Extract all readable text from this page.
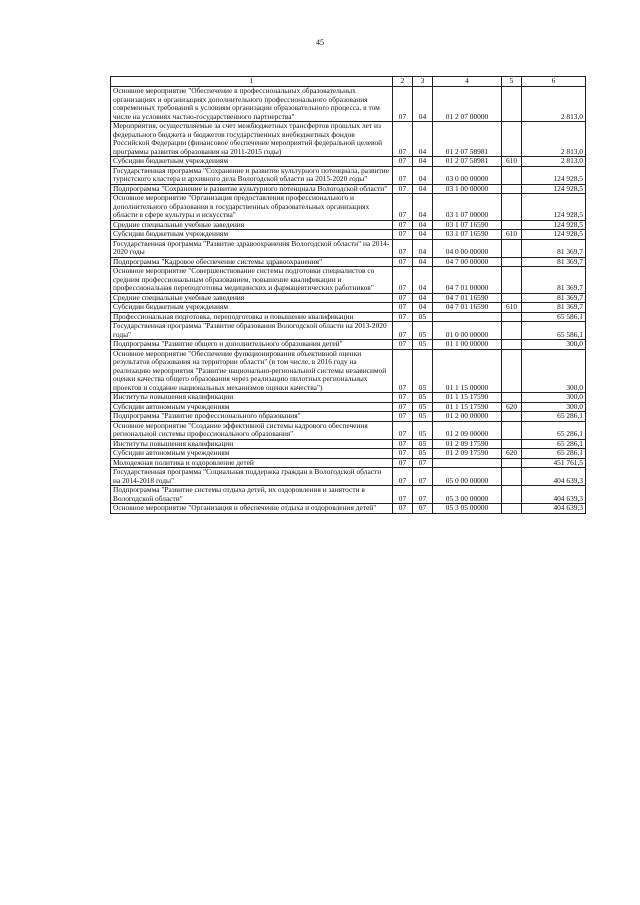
45
1	2	3	4	5	6
Основное мероприятие "Обеспечение в профессиональных образовательных организациях и организациях дополнительного профессионального образования современных требований к условиям организации образовательного процесса, в том числе на условиях частно-государственного партнерства"	07	04	01 2 07 00000		2 813,0
Мероприятия, осуществляемые за счет межбюджетных трансфертов прошлых лет из федерального бюджета и бюджетов государственных внебюджетных фондов Российской Федерации (финансовое обеспечение мероприятий федеральной целевой программы развития образования на 2011-2015 годы)	07	04	01 2 07 58981		2 813,0
Субсидии бюджетным учреждениям	07	04	01 2 07 58981	610	2 813,0
Государственная программа "Сохранение и развитие культурного потенциала, развитие туристского кластера и архивного дела Вологодской области на 2015-2020 годы"	07	04	03 0 00 00000		124 928,5
Подпрограмма "Сохранение и развитие культурного потенциала Вологодской области"	07	04	03 1 00 00000		124 928,5
Основное мероприятие "Организация предоставления профессионального и дополнительного образования в государственных образовательных организациях области в сфере культуры и искусства"	07	04	03 1 07 00000		124 928,5
Средние специальные учебные заведения	07	04	03 1 07 16590		124 928,5
Субсидии бюджетным учреждениям	07	04	03 1 07 16590	610	124 928,5
Государственная программа "Развитие здравоохранения Вологодской области" на 2014-2020 годы	07	04	04 0 00 00000		81 369,7
Подпрограмма "Кадровое обеспечение системы здравоохранения"	07	04	04 7 00 00000		81 369,7
Основное мероприятие "Совершенствование системы подготовки специалистов со средним профессиональным образованием, повышение квалификации и профессиональная переподготовка медицинских и фармацевтических работников"	07	04	04 7 01 00000		81 369,7
Средние специальные учебные заведения	07	04	04 7 01 16590		81 369,7
Субсидии бюджетным учреждениям	07	04	04 7 01 16590	610	81 369,7
Профессиональная подготовка, переподготовка и повышение квалификации	07	05			65 586,1
Государственная программа "Развитие образования Вологодской области на 2013-2020 годы"	07	05	01 0 00 00000		65 586,1
Подпрограмма "Развитие общего и дополнительного образования детей"	07	05	01 1 00 00000		300,0
Основное мероприятие "Обеспечение функционирования объективной оценки результатов образования на территории области" (в том числе, в 2016 году на реализацию мероприятия "Развитие национально-региональной системы независимой оценки качества общего образования через реализацию пилотных региональных проектов и создание национальных механизмов оценки качества")	07	05	01 1 15 00000		300,0
Институты повышения квалификации	07	05	01 1 15 17590		300,0
Субсидии автономным учреждениям	07	05	01 1 15 17590	620	300,0
Подпрограмма "Развитие профессионального образования"	07	05	01 2 00 00000		65 286,1
Основное мероприятие "Создание эффективной системы кадрового обеспечения региональной системы профессионального образования"	07	05	01 2 09 00000		65 286,1
Институты повышения квалификации	07	05	01 2 09 17590		65 286,1
Субсидии автономным учреждениям	07	05	01 2 09 17590	620	65 286,1
Молодежная политика и оздоровление детей	07	07			451 761,5
Государственная программа "Социальная поддержка граждан в Вологодской области на 2014-2018 годы"	07	07	05 0 00 00000		404 639,3
Подпрограмма "Развитие системы отдыха детей, их оздоровления и занятости в Вологодской области"	07	07	05 3 00 00000		404 639,3
Основное мероприятие "Организация и обеспечение отдыха и оздоровления детей"	07	07	05 3 05 00000		404 639,3
